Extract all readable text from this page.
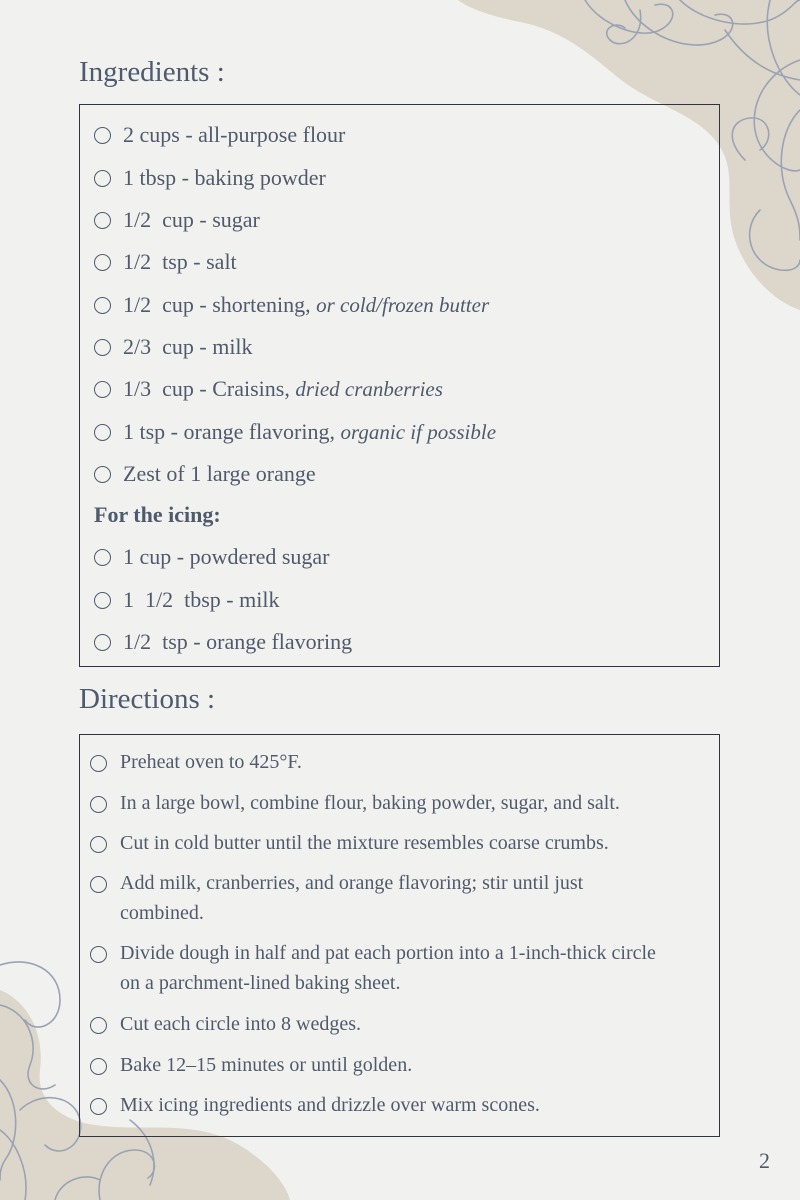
Ingredients :
2 cups - all-purpose flour
1 tbsp - baking powder
1/2  cup - sugar
1/2  tsp - salt
1/2  cup - shortening, or cold/frozen butter
2/3  cup - milk
1/3  cup - Craisins, dried cranberries
1 tsp - orange flavoring, organic if possible
Zest of 1 large orange
For the icing:
1 cup - powdered sugar
1  1/2  tbsp - milk
1/2  tsp - orange flavoring
Directions :
Preheat oven to 425°F.
In a large bowl, combine flour, baking powder, sugar, and salt.
Cut in cold butter until the mixture resembles coarse crumbs.
Add milk, cranberries, and orange flavoring; stir until just combined.
Divide dough in half and pat each portion into a 1-inch-thick circle on a parchment-lined baking sheet.
Cut each circle into 8 wedges.
Bake 12–15 minutes or until golden.
Mix icing ingredients and drizzle over warm scones.
2
